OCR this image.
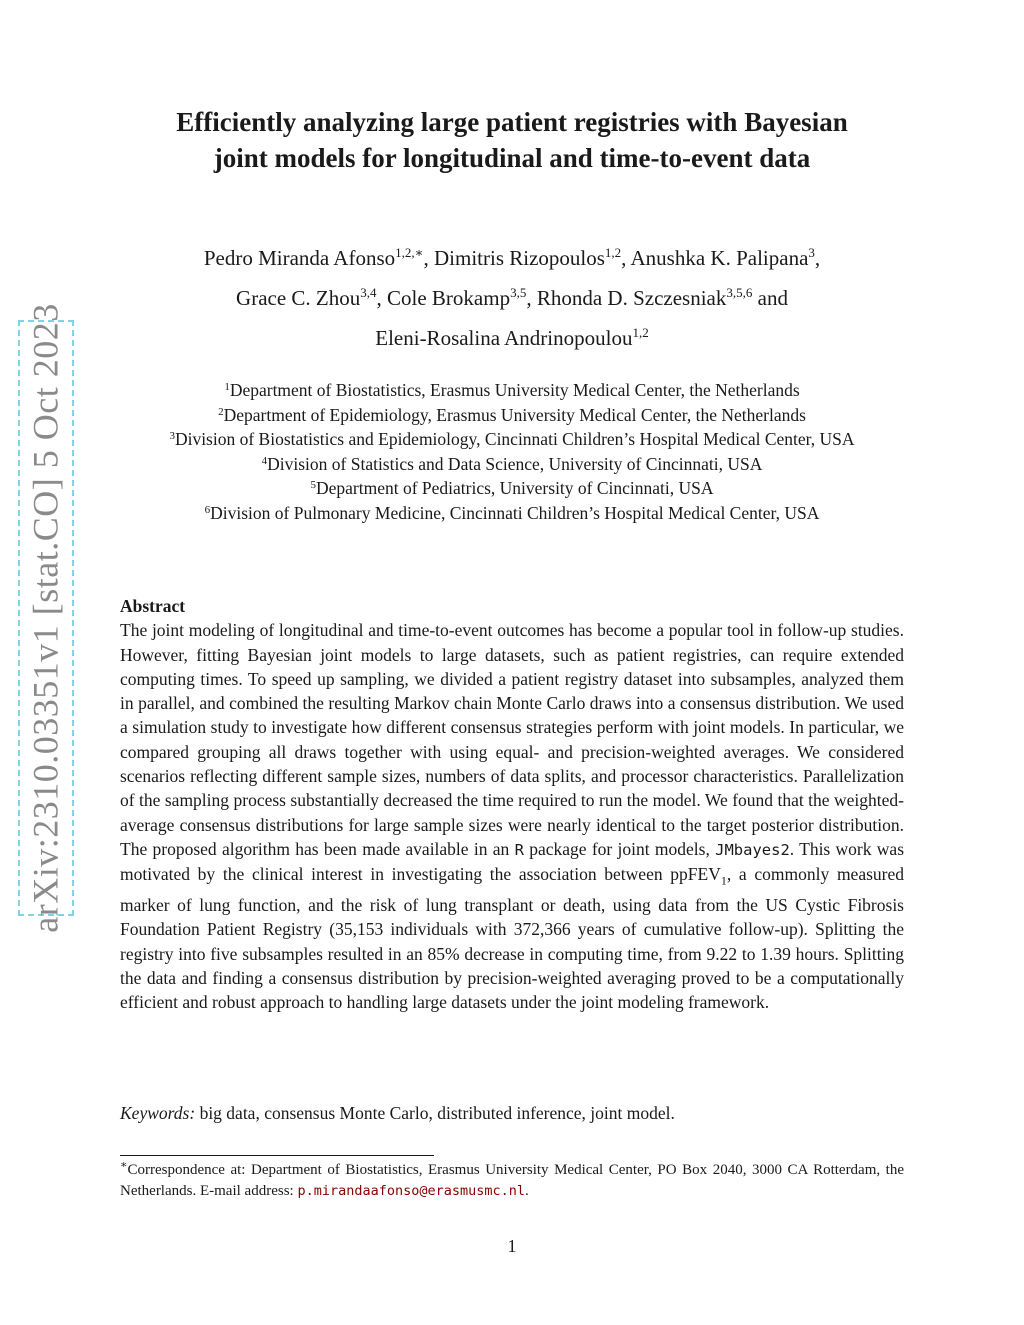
arXiv:2310.03351v1 [stat.CO] 5 Oct 2023
Efficiently analyzing large patient registries with Bayesian joint models for longitudinal and time-to-event data
Pedro Miranda Afonso$^{1,2,∗}$, Dimitris Rizopoulos$^{1,2}$, Anushka K. Palipana$^3$,
Grace C. Zhou$^{3,4}$, Cole Brokamp$^{3,5}$, Rhonda D. Szczesniak$^{3,5,6}$ and
Eleni-Rosalina Andrinopoulou$^{1,2}$
$^1$Department of Biostatistics, Erasmus University Medical Center, the Netherlands
$^2$Department of Epidemiology, Erasmus University Medical Center, the Netherlands
$^3$Division of Biostatistics and Epidemiology, Cincinnati Children’s Hospital Medical Center, USA
$^4$Division of Statistics and Data Science, University of Cincinnati, USA
$^5$Department of Pediatrics, University of Cincinnati, USA
$^6$Division of Pulmonary Medicine, Cincinnati Children’s Hospital Medical Center, USA
Abstract
The joint modeling of longitudinal and time-to-event outcomes has become a popular tool in follow-up studies. However, fitting Bayesian joint models to large datasets, such as patient registries, can require extended computing times. To speed up sampling, we divided a patient registry dataset into subsamples, analyzed them in parallel, and combined the resulting Markov chain Monte Carlo draws into a consensus distribution. We used a simulation study to investigate how different consensus strategies perform with joint models. In particular, we compared grouping all draws together with using equal- and precision-weighted averages. We considered scenarios reflecting different sample sizes, numbers of data splits, and processor characteristics. Parallelization of the sampling process substantially decreased the time required to run the model. We found that the weighted-average consensus distributions for large sample sizes were nearly identical to the target posterior distribution. The proposed algorithm has been made available in an R package for joint models, JMbayes2. This work was motivated by the clinical interest in investigating the association between ppFEV$_1$, a commonly measured marker of lung function, and the risk of lung transplant or death, using data from the US Cystic Fibrosis Foundation Patient Registry (35,153 individuals with 372,366 years of cumulative follow-up). Splitting the registry into five subsamples resulted in an 85% decrease in computing time, from 9.22 to 1.39 hours. Splitting the data and finding a consensus distribution by precision-weighted averaging proved to be a computationally efficient and robust approach to handling large datasets under the joint modeling framework.
Keywords: big data, consensus Monte Carlo, distributed inference, joint model.
∗Correspondence at: Department of Biostatistics, Erasmus University Medical Center, PO Box 2040, 3000 CA Rotterdam, the Netherlands. E-mail address: p.mirandaafonso@erasmusmc.nl.
1
